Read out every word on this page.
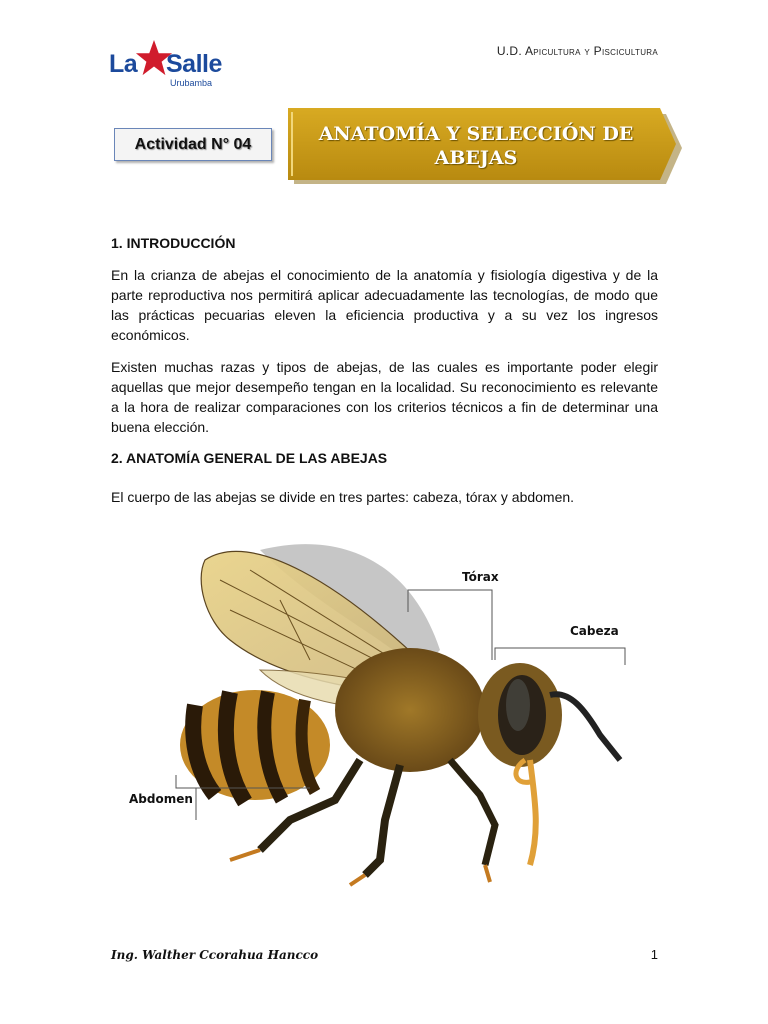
La Salle
Urubamba
U.D. Apicultura y Piscicultura
Actividad N° 04	ANATOMÍA Y SELECCIÓN DE
ABEJAS
1. INTRODUCCIÓN

En la crianza de abejas el conocimiento de la anatomía y fisiología digestiva y de la parte reproductiva nos permitirá aplicar adecuadamente las tecnologías, de modo que las prácticas pecuarias eleven la eficiencia productiva y a su vez los ingresos económicos.

Existen muchas razas y tipos de abejas, de las cuales es importante poder elegir aquellas que mejor desempeño tengan en la localidad. Su reconocimiento es relevante a la hora de realizar comparaciones con los criterios técnicos a fin de determinar una buena elección.

2. ANATOMÍA GENERAL DE LAS ABEJAS

El cuerpo de las abejas se divide en tres partes: cabeza, tórax y abdomen.

Tórax
Cabeza
Abdomen
Ing. Walther Ccorahua Hancco	1
